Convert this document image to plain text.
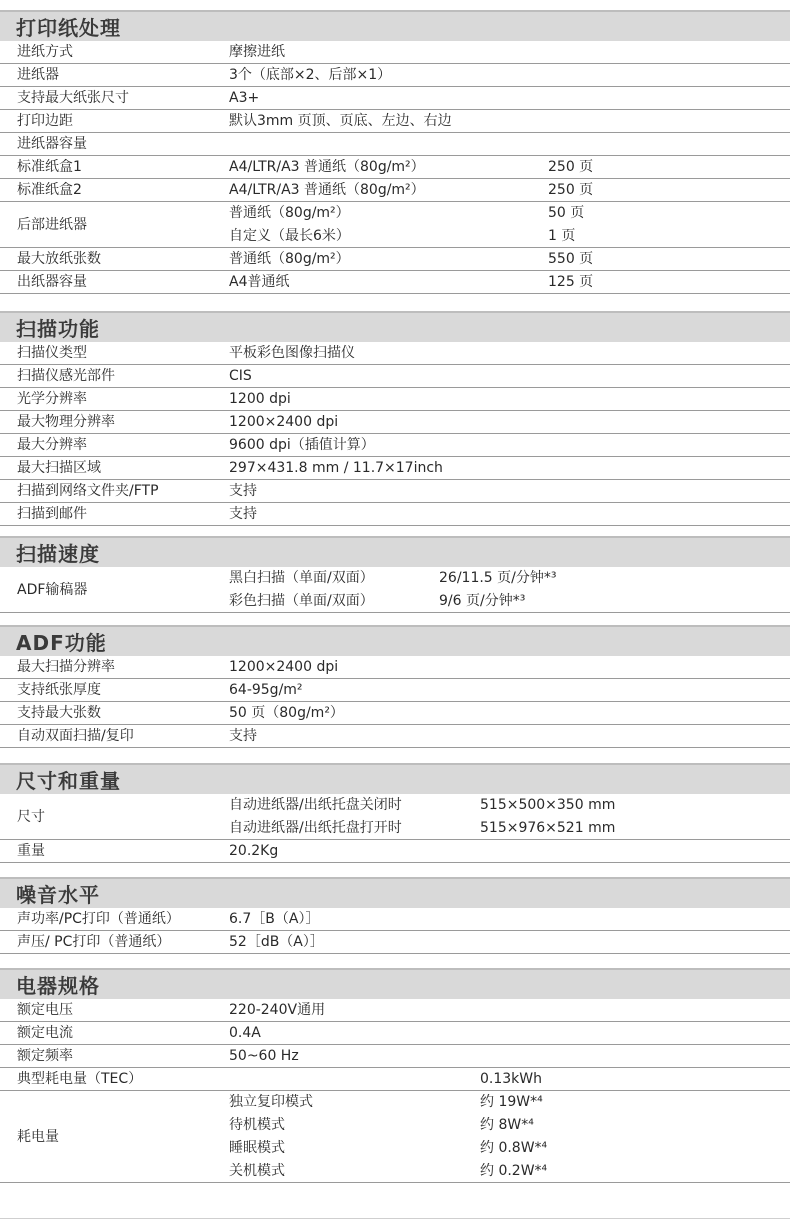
打印纸处理
进纸方式	摩擦进纸
进纸器	3个（底部×2、后部×1）
支持最大纸张尺寸	A3+
打印边距	默认3mm 页顶、页底、左边、右边
进纸器容量
标准纸盒1	A4/LTR/A3 普通纸（80g/m²）	250 页
标准纸盒2	A4/LTR/A3 普通纸（80g/m²）	250 页
后部进纸器
普通纸（80g/m²）	50 页
自定义（最长6米）	1 页
最大放纸张数	普通纸（80g/m²）	550 页
出纸器容量	A4普通纸	125 页
扫描功能
扫描仪类型	平板彩色图像扫描仪
扫描仪感光部件	CIS
光学分辨率	1200 dpi
最大物理分辨率	1200×2400 dpi
最大分辨率	9600 dpi（插值计算）
最大扫描区域	297×431.8 mm / 11.7×17inch
扫描到网络文件夹/FTP	支持
扫描到邮件	支持
扫描速度
ADF输稿器
黑白扫描（单面/双面）	26/11.5 页/分钟*³
彩色扫描（单面/双面）	9/6 页/分钟*³
ADF功能
最大扫描分辨率	1200×2400 dpi
支持纸张厚度	64-95g/m²
支持最大张数	50 页（80g/m²）
自动双面扫描/复印	支持
尺寸和重量
尺寸
自动进纸器/出纸托盘关闭时	515×500×350 mm
自动进纸器/出纸托盘打开时	515×976×521 mm
重量	20.2Kg
噪音水平
声功率/PC打印（普通纸）	6.7［B（A）］
声压/ PC打印（普通纸）	52［dB（A）］
电器规格
额定电压	220-240V通用
额定电流	0.4A
额定频率	50~60 Hz
典型耗电量（TEC）	0.13kWh
耗电量
独立复印模式	约 19W*⁴
待机模式	约 8W*⁴
睡眠模式	约 0.8W*⁴
关机模式	约 0.2W*⁴
